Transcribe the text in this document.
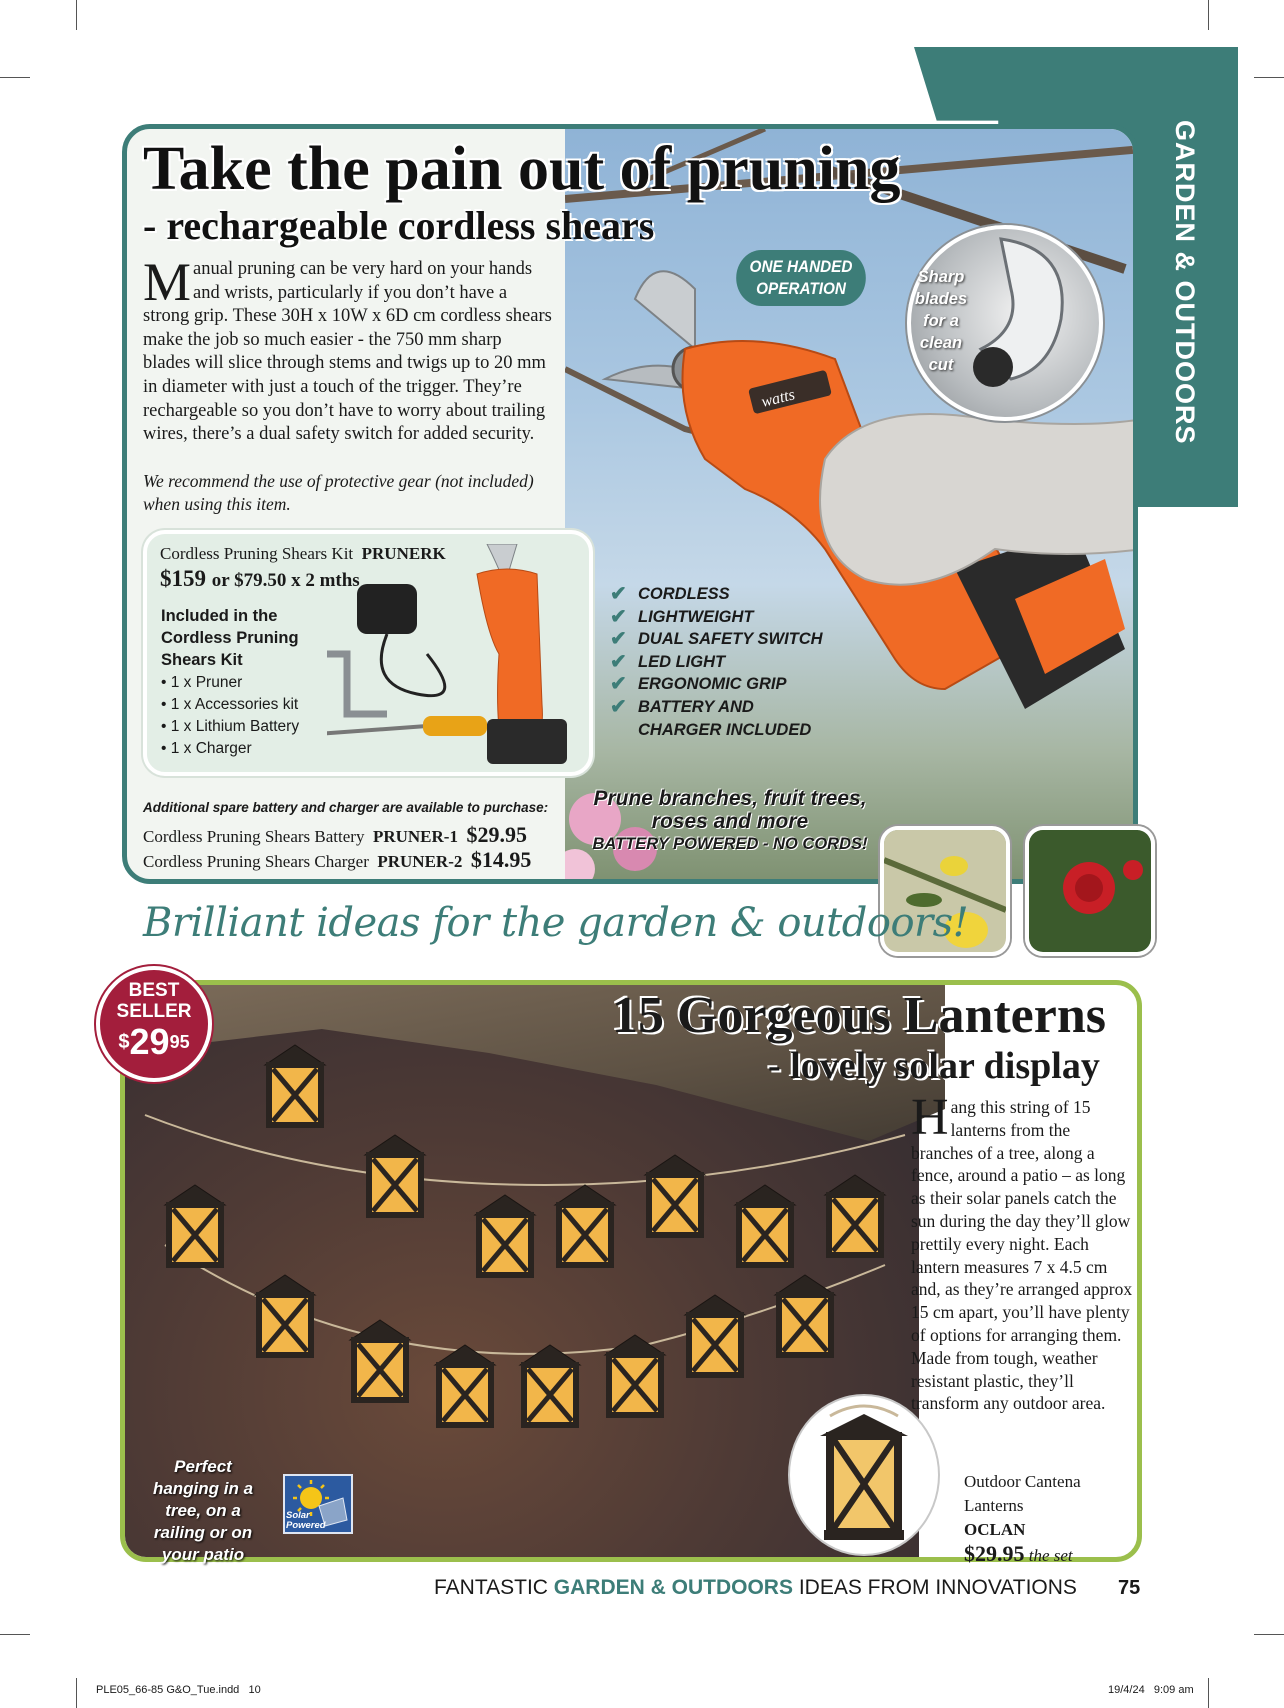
GARDEN & OUTDOORS
watts
Take the pain out of pruning
- rechargeable cordless shears
Manual pruning can be very hard on your hands and wrists, particularly if you don’t have a strong grip. These 30H x 10W x 6D cm cordless shears make the job so much easier - the 750 mm sharp blades will slice through stems and twigs up to 20 mm in diameter with just a touch of the trigger. They’re rechargeable so you don’t have to worry about trailing wires, there’s a dual safety switch for added security.
We recommend the use of protective gear (not included) when using this item.
Cordless Pruning Shears Kit PRUNERK
$159 or $79.50 x 2 mths
Included in the Cordless Pruning Shears Kit
• 1 x Pruner
• 1 x Accessories kit
• 1 x Lithium Battery
• 1 x Charger
Additional spare battery and charger are available to purchase:
Cordless Pruning Shears Battery PRUNER-1 $29.95
Cordless Pruning Shears Charger PRUNER-2 $14.95
ONE HANDED OPERATION
Sharp blades for a clean cut
✔ CORDLESS
✔ LIGHTWEIGHT
✔ DUAL SAFETY SWITCH
✔ LED LIGHT
✔ ERGONOMIC GRIP
✔ BATTERY AND CHARGER INCLUDED
Prune branches, fruit trees, roses and more
BATTERY POWERED - NO CORDS!
Brilliant ideas for the garden & outdoors!
BEST SELLER
$^{\$}29^{95}$	15 Gorgeous Lanterns
- lovely solar display
Hang this string of 15 lanterns from the branches of a tree, along a fence, around a patio – as long as their solar panels catch the sun during the day they’ll glow prettily every night. Each lantern measures 7 x 4.5 cm and, as they’re arranged approx 15 cm apart, you’ll have plenty of options for arranging them. Made from tough, weather resistant plastic, they’ll transform any outdoor area.
Outdoor Cantena Lanterns
OCLAN
$29.95 the set
Perfect hanging in a tree, on a railing or on your patio
Solar Powered
FANTASTIC GARDEN & OUTDOORS IDEAS FROM INNOVATIONS 75
PLE05_66-85 G&O_Tue.indd   10	19/4/24   9:09 am
